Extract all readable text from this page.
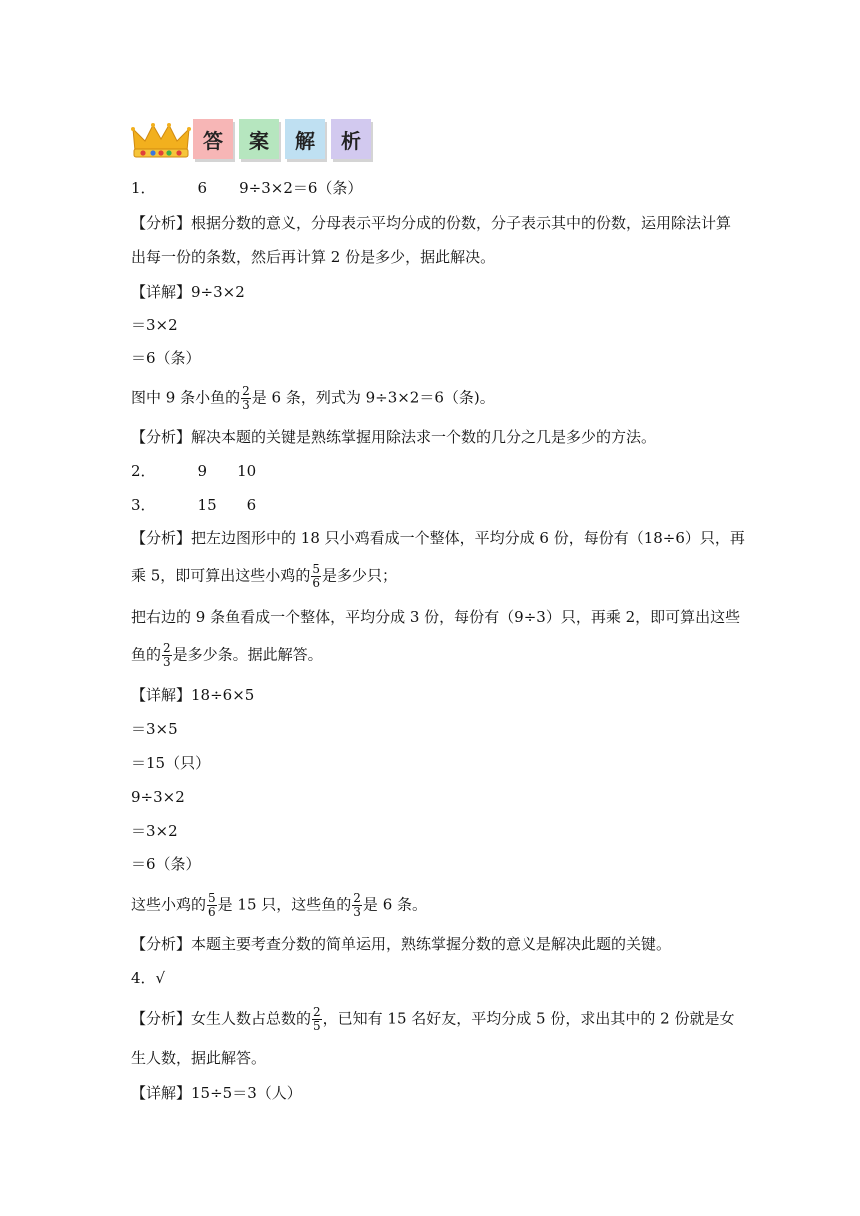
答	案	解	析
1．	6 9÷3×2＝6（条）
【分析】根据分数的意义，分母表示平均分成的份数，分子表示其中的份数，运用除法计算
出每一份的条数，然后再计算 2 份是多少，据此解决。
【详解】9÷3×2
＝3×2
＝6（条）
图中 9 条小鱼的 $\frac{2}{3}$ 是 6 条，列式为 9÷3×2＝6（条)。
【分析】解决本题的关键是熟练掌握用除法求一个数的几分之几是多少的方法。
2．	9 10
3．	15 6
【分析】把左边图形中的 18 只小鸡看成一个整体，平均分成 6 份，每份有（18÷6）只，再
乘 5，即可算出这些小鸡的 $\frac{5}{6}$ 是多少只；
把右边的 9 条鱼看成一个整体，平均分成 3 份，每份有（9÷3）只，再乘 2，即可算出这些
鱼的 $\frac{2}{3}$ 是多少条。据此解答。
【详解】18÷6×5
＝3×5
＝15（只）
9÷3×2
＝3×2
＝6（条）
这些小鸡的 $\frac{5}{6}$ 是 15 只，这些鱼的 $\frac{2}{3}$ 是 6 条。
【分析】本题主要考查分数的简单运用，熟练掌握分数的意义是解决此题的关键。
4．√
【分析】女生人数占总数的 $\frac{2}{5}$ ，已知有 15 名好友，平均分成 5 份，求出其中的 2 份就是女
生人数，据此解答。
【详解】15÷5＝3（人）
